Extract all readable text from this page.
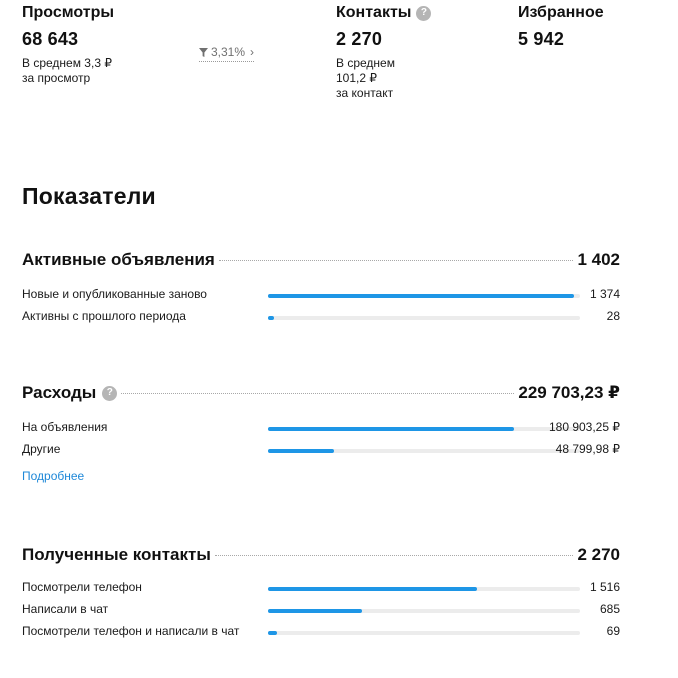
Просмотры
68 643
В среднем 3,3 ₽
за просмотр
3,31% ›
Контакты ?
2 270
В среднем
101,2 ₽
за контакт
Избранное
5 942
Показатели
Активные объявления	1 402
Новые и опубликованные заново	1 374
Активны с прошлого периода	28
Расходы	?	229 703,23 ₽
На объявления	180 903,25 ₽
Другие	48 799,98 ₽
Подробнее
Полученные контакты	2 270
Посмотрели телефон	1 516
Написали в чат	685
Посмотрели телефон и написали в чат	69
